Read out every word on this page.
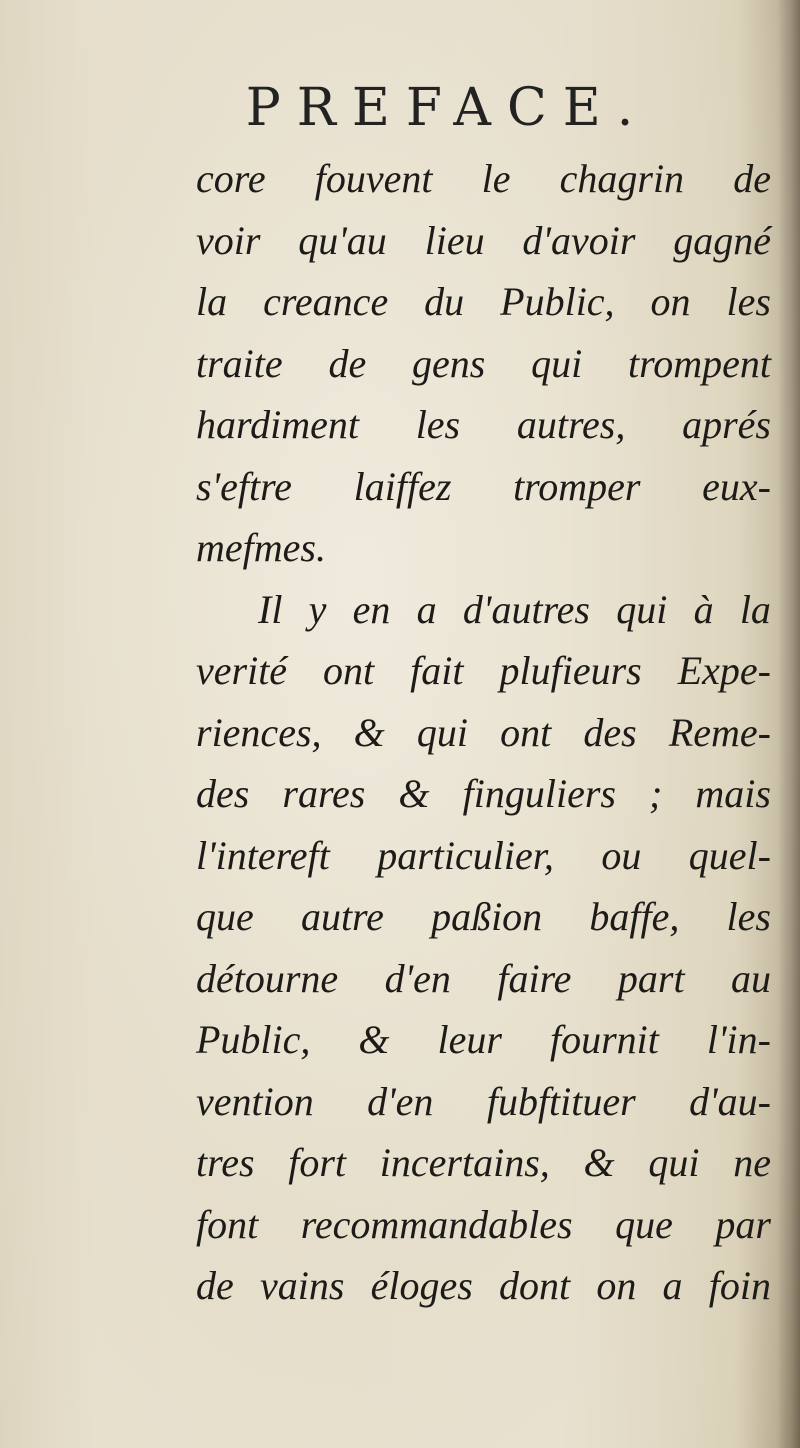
PREFACE.
core fouvent le chagrin de
voir qu'au lieu d'avoir gagné
la creance du Public, on les
traite de gens qui trompent
hardiment les autres, aprés
s'eftre laiffez tromper eux-
mefmes.
Il y en a d'autres qui à la
verité ont fait plufieurs Expe-
riences, & qui ont des Reme-
des rares & finguliers ; mais
l'intereft particulier, ou quel-
que autre paßion baffe, les
détourne d'en faire part au
Public, & leur fournit l'in-
vention d'en fubftituer d'au-
tres fort incertains, & qui ne
font recommandables que par
de vains éloges dont on a foin
